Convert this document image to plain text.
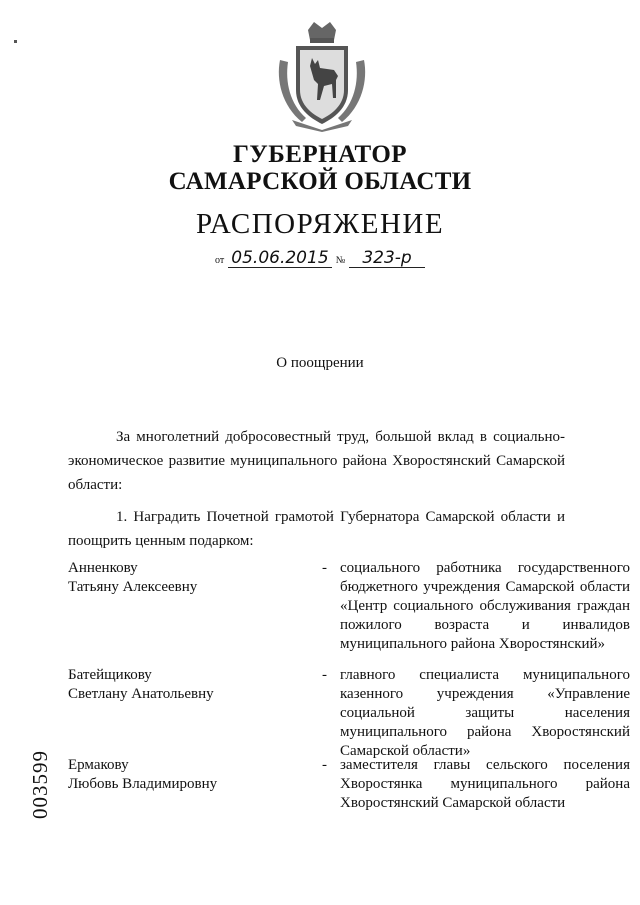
ГУБЕРНАТОР
САМАРСКОЙ ОБЛАСТИ
РАСПОРЯЖЕНИЕ
от 05.06.2015 № 323-р
О поощрении
За многолетний добросовестный труд, большой вклад в социально-экономическое развитие муниципального района Хворостянский Самарской области:
1. Наградить Почетной грамотой Губернатора Самарской области и поощрить ценным подарком:
Анненкову
Татьяну Алексеевну
- социального работника государственного бюджетного учреждения Самарской области «Центр социального обслуживания граждан пожилого возраста и инвалидов муниципального района Хворостянский»
Батейщикову
Светлану Анатольевну
- главного специалиста муниципального казенного учреждения «Управление социальной защиты населения муниципального района Хворостянский Самарской области»
Ермакову
Любовь Владимировну
- заместителя главы сельского поселения Хворостянка муниципального района Хворостянский Самарской области
003599
